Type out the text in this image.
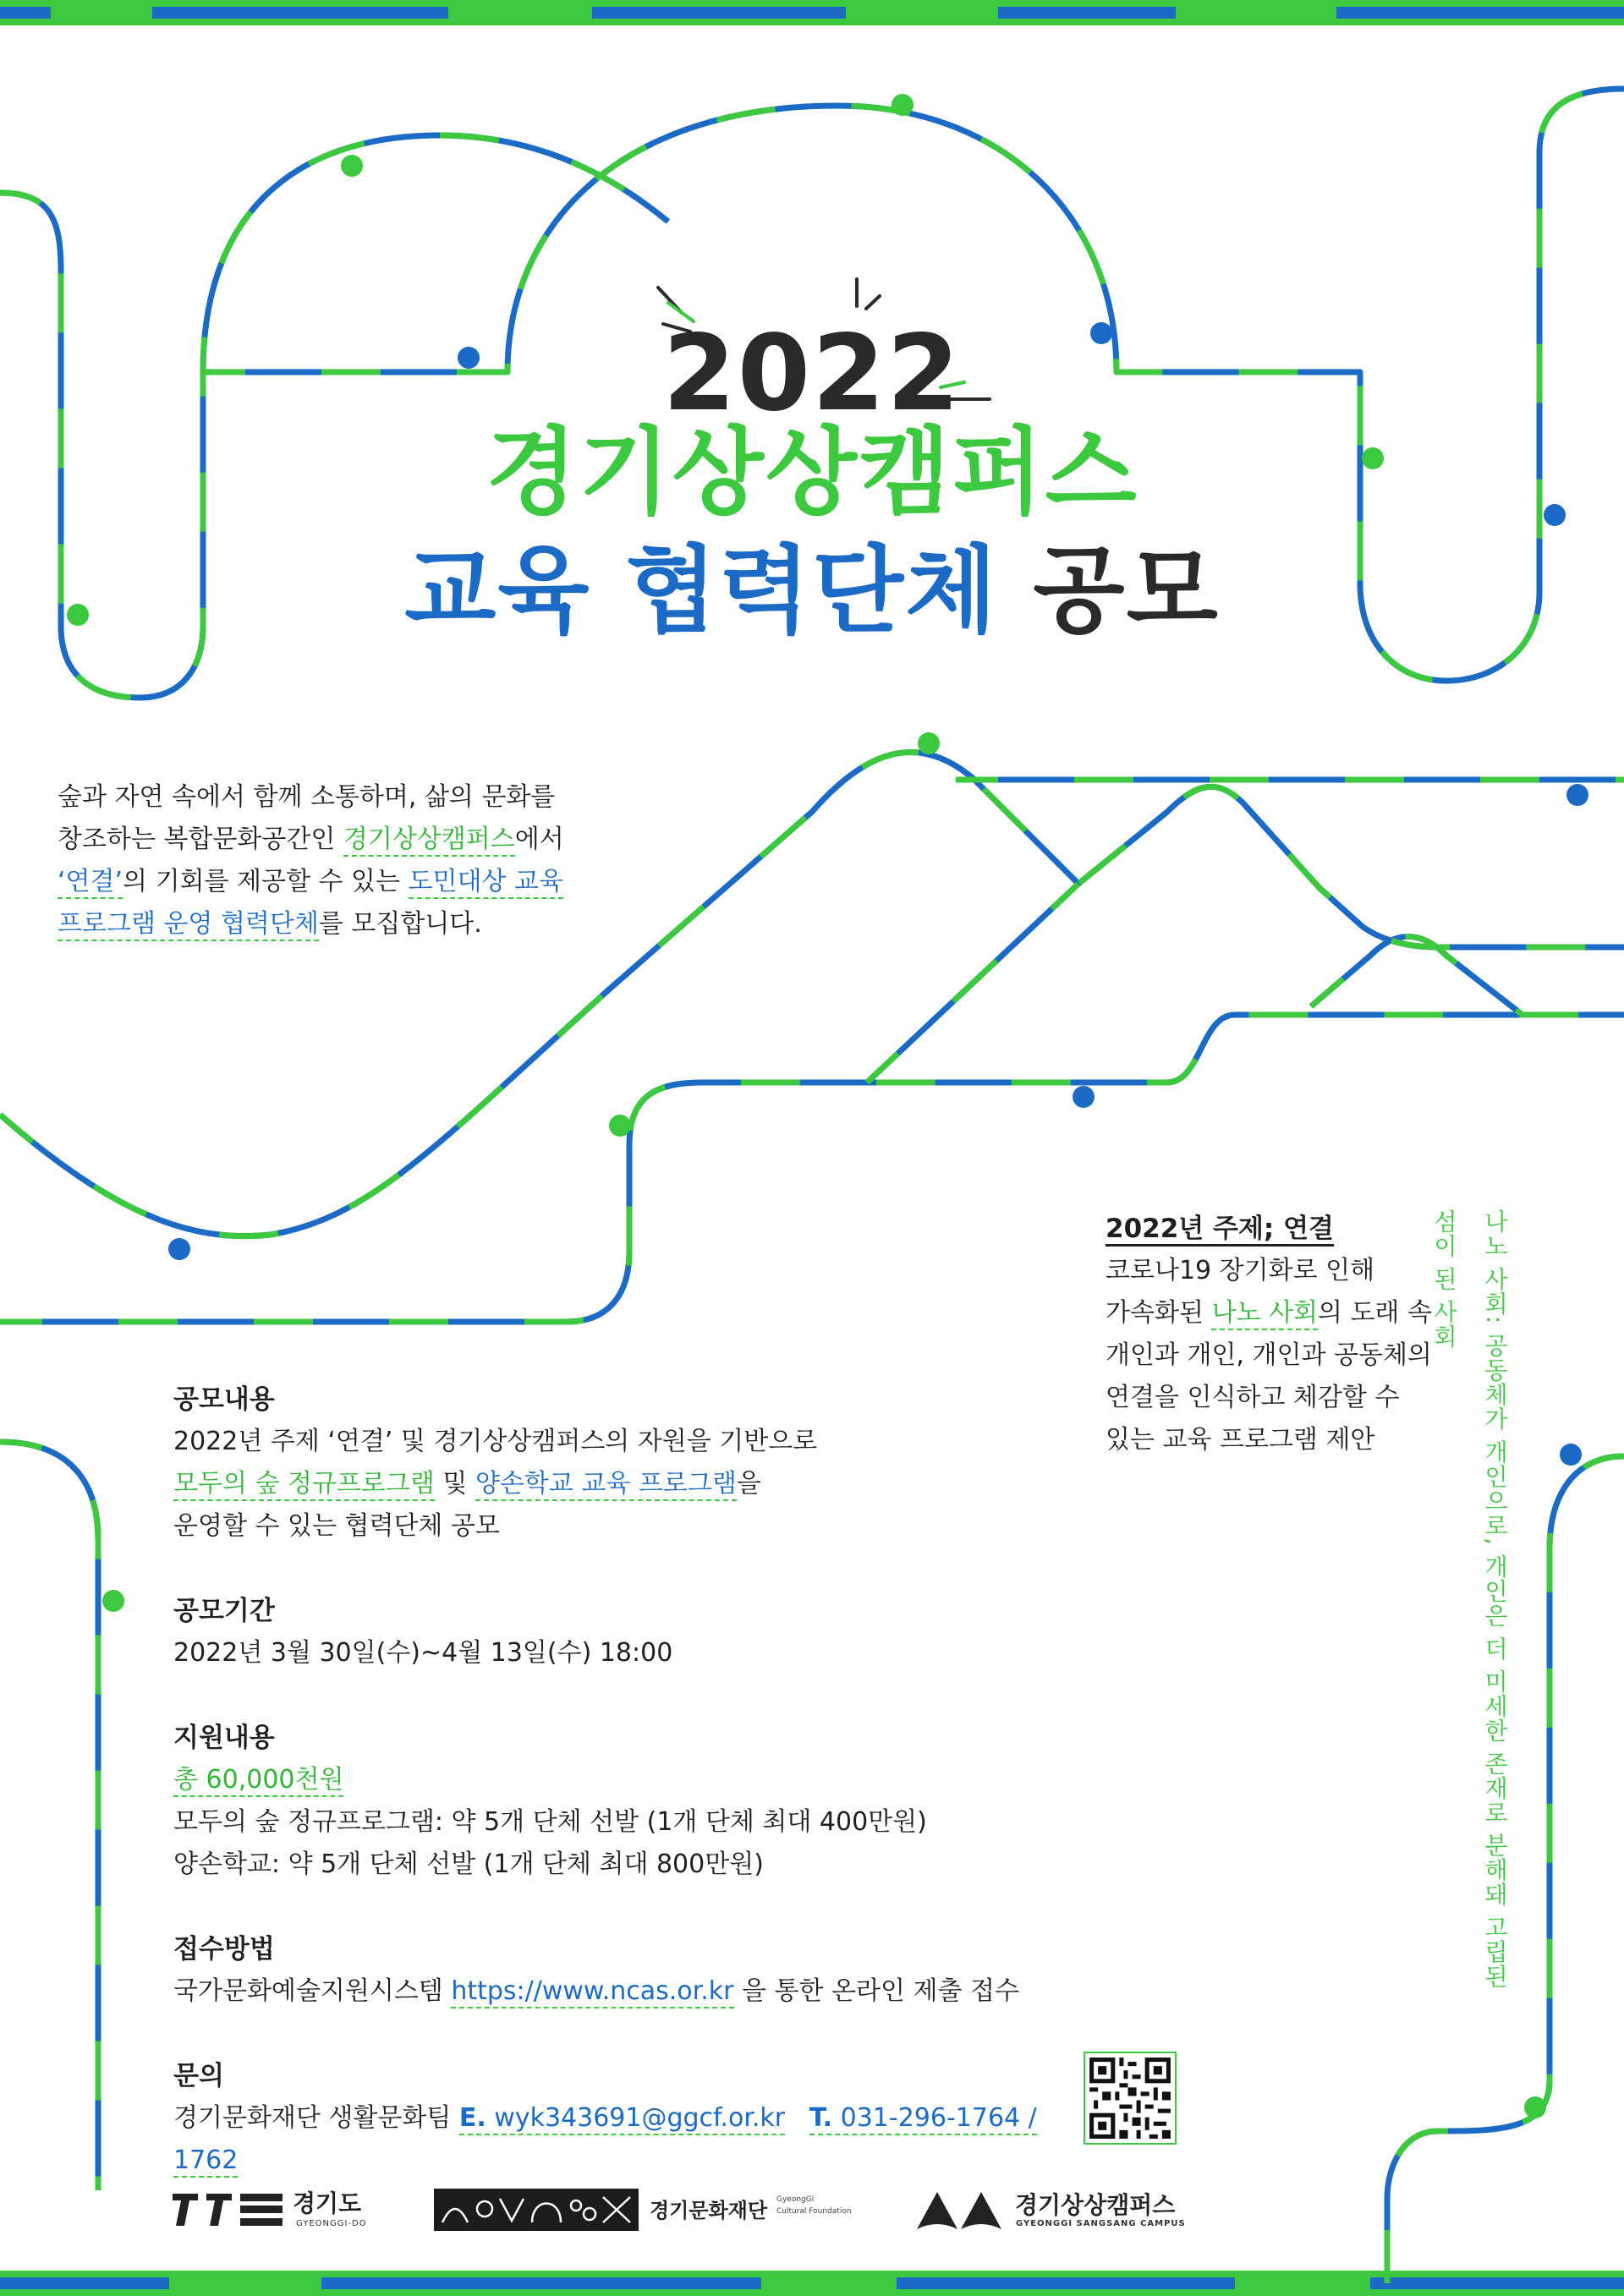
2022
경기상상캠퍼스
교육 협력단체 공모
숲과 자연 속에서 함께 소통하며, 삶의 문화를
창조하는 복합문화공간인 경기상상캠퍼스에서
‘연결’의 기회를 제공할 수 있는 도민대상 교육
프로그램 운영 협력단체를 모집합니다.
2022년 주제; 연결
코로나19 장기화로 인해
가속화된 나노 사회의 도래 속
개인과 개인, 개인과 공동체의
연결을 인식하고 체감할 수
있는 교육 프로그램 제안	나노 사회: 공동체가 개인으로, 개인은 더 미세한 존재로 분해돼 고립된 섬이 된 사회
공모내용

2022년 주제 ‘연결’ 및 경기상상캠퍼스의 자원을 기반으로

모두의 숲 정규프로그램 및 양손학교 교육 프로그램을

운영할 수 있는 협력단체 공모

공모기간

2022년 3월 30일(수)~4월 13일(수) 18:00

지원내용

총 60,000천원

모두의 숲 정규프로그램: 약 5개 단체 선발 (1개 단체 최대 400만원)

양손학교: 약 5개 단체 선발 (1개 단체 최대 800만원)

접수방법

국가문화예술지원시스템 https://www.ncas.or.kr 을 통한 온라인 제출 접수

문의

경기문화재단 생활문화팀 E. wyk343691@ggcf.or.kr T. 031-296-1764 / 1762

경기도
GYEONGGI-DO
경기문화재단 GyeongGi
Cultural Foundation	경기상상캠퍼스
GYEONGGI SANGSANG CAMPUS
